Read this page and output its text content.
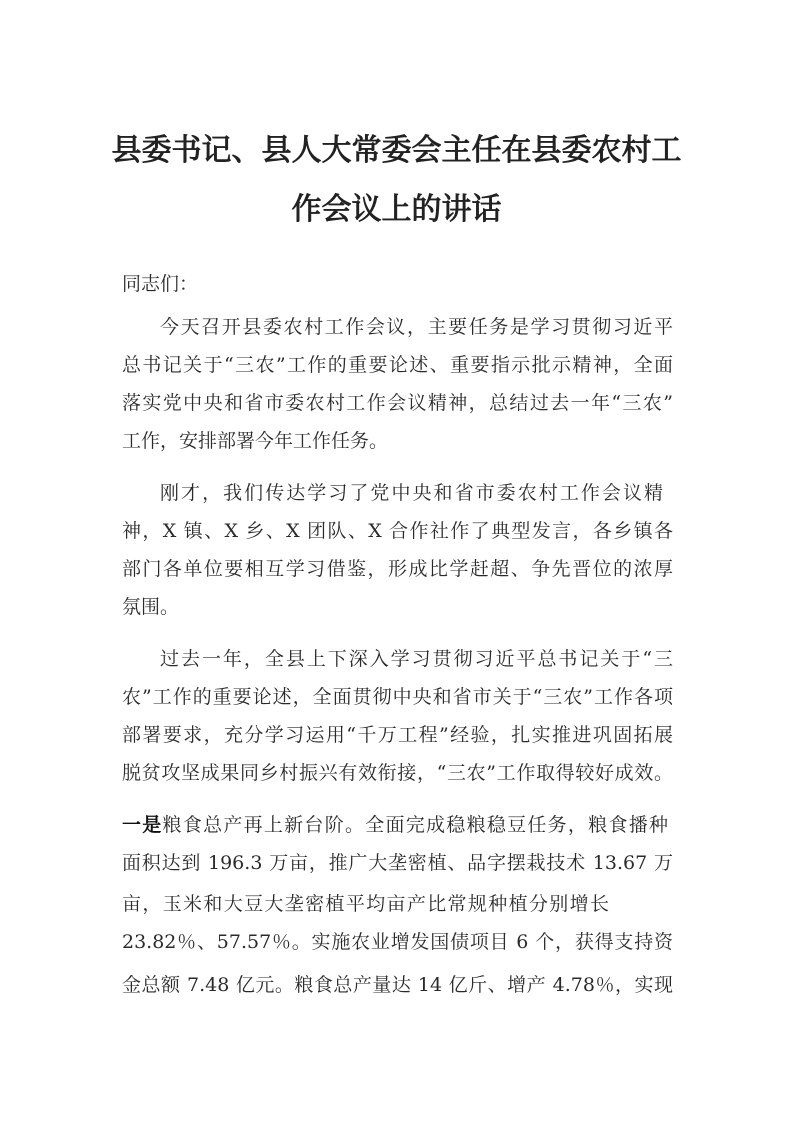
县委书记、县人大常委会主任在县委农村工
作会议上的讲话
同志们：
今天召开县委农村工作会议，主要任务是学习贯彻习近平
总书记关于“三农”工作的重要论述、重要指示批示精神，全面
落实党中央和省市委农村工作会议精神，总结过去一年“三农”
工作，安排部署今年工作任务。
刚才，我们传达学习了党中央和省市委农村工作会议精
神，X 镇、X 乡、X 团队、X 合作社作了典型发言，各乡镇各
部门各单位要相互学习借鉴，形成比学赶超、争先晋位的浓厚
氛围。
过去一年，全县上下深入学习贯彻习近平总书记关于“三
农”工作的重要论述，全面贯彻中央和省市关于“三农”工作各项
部署要求，充分学习运用“千万工程”经验，扎实推进巩固拓展
脱贫攻坚成果同乡村振兴有效衔接，“三农”工作取得较好成效。
一是粮食总产再上新台阶。全面完成稳粮稳豆任务，粮食播种
面积达到 196.3 万亩，推广大垄密植、品字摆栽技术 13.67 万
亩，玉米和大豆大垄密植平均亩产比常规种植分别增长
23.82％、57.57％。实施农业增发国债项目 6 个，获得支持资
金总额 7.48 亿元。粮食总产量达 14 亿斤、增产 4.78％，实现
